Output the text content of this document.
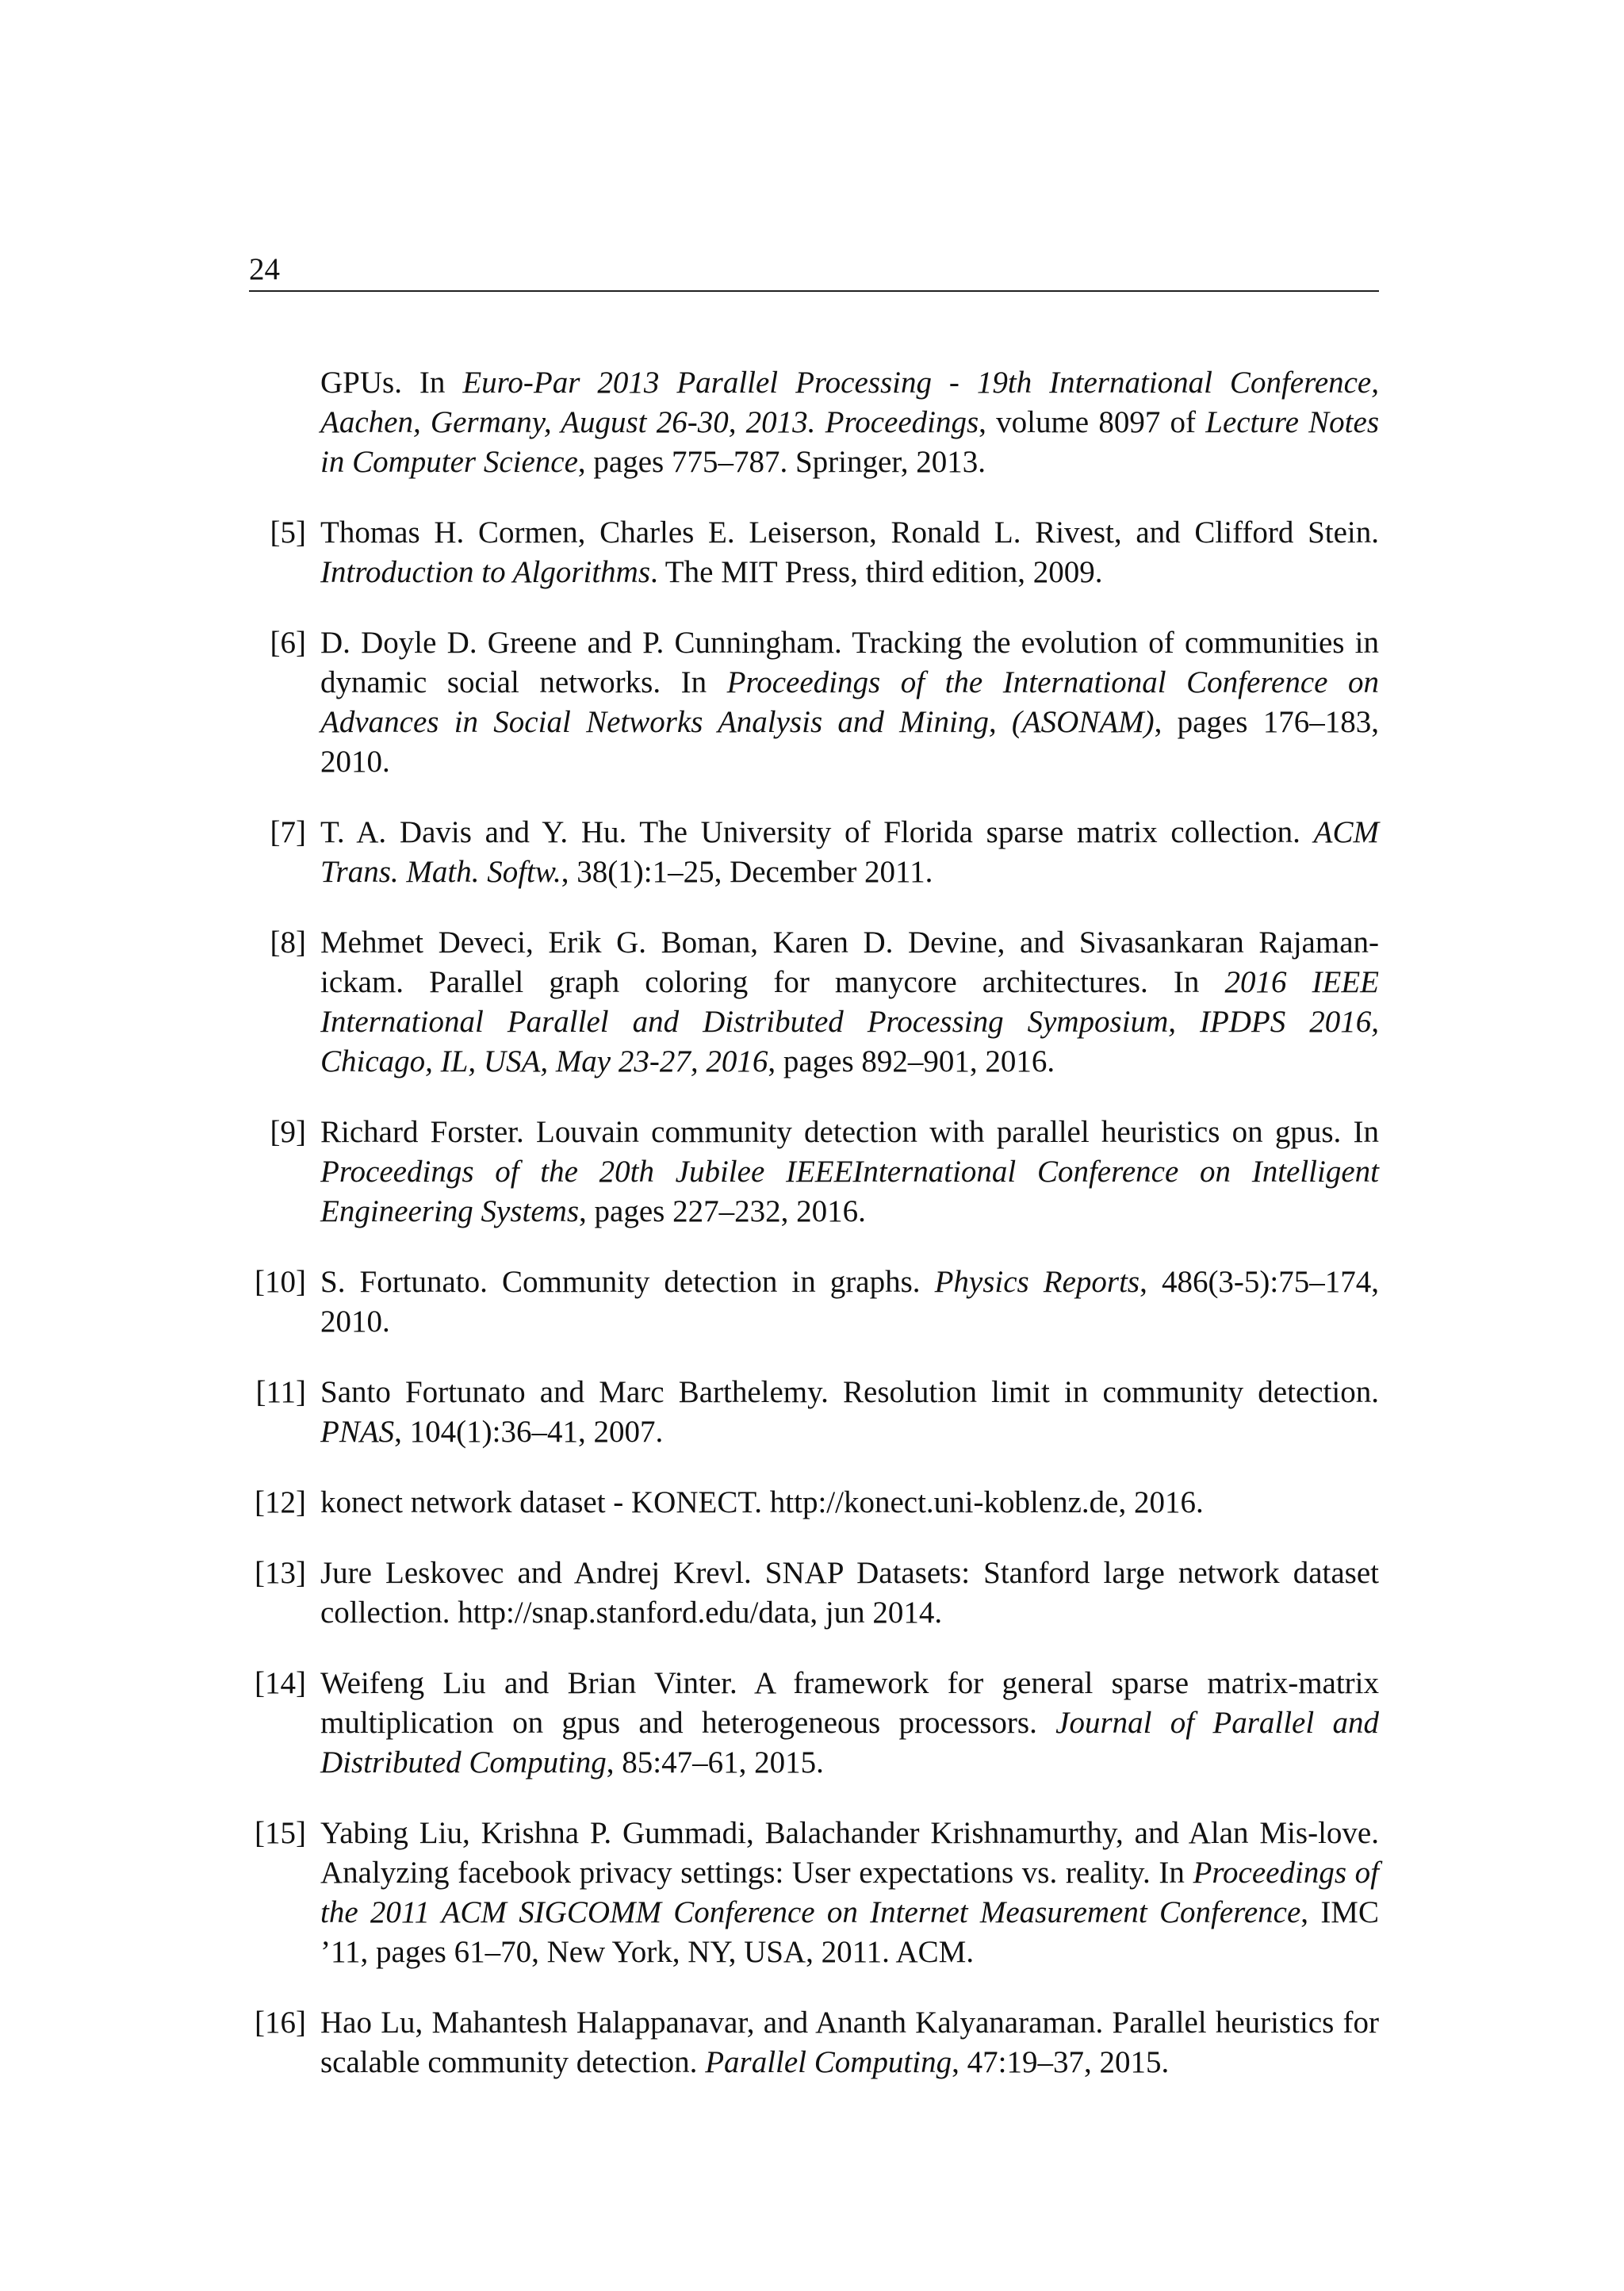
24
GPUs. In Euro-Par 2013 Parallel Processing - 19th International Conference, Aachen, Germany, August 26-30, 2013. Proceedings, volume 8097 of Lecture Notes in Computer Science, pages 775–787. Springer, 2013.
[5] Thomas H. Cormen, Charles E. Leiserson, Ronald L. Rivest, and Clifford Stein. Introduction to Algorithms. The MIT Press, third edition, 2009.
[6] D. Doyle D. Greene and P. Cunningham. Tracking the evolution of communities in dynamic social networks. In Proceedings of the International Conference on Advances in Social Networks Analysis and Mining, (ASONAM), pages 176–183, 2010.
[7] T. A. Davis and Y. Hu. The University of Florida sparse matrix collection. ACM Trans. Math. Softw., 38(1):1–25, December 2011.
[8] Mehmet Deveci, Erik G. Boman, Karen D. Devine, and Sivasankaran Rajaman-ickam. Parallel graph coloring for manycore architectures. In 2016 IEEE International Parallel and Distributed Processing Symposium, IPDPS 2016, Chicago, IL, USA, May 23-27, 2016, pages 892–901, 2016.
[9] Richard Forster. Louvain community detection with parallel heuristics on gpus. In Proceedings of the 20th Jubilee IEEEInternational Conference on Intelligent Engineering Systems, pages 227–232, 2016.
[10] S. Fortunato. Community detection in graphs. Physics Reports, 486(3-5):75–174, 2010.
[11] Santo Fortunato and Marc Barthelemy. Resolution limit in community detection. PNAS, 104(1):36–41, 2007.
[12] konect network dataset - KONECT. http://konect.uni-koblenz.de, 2016.
[13] Jure Leskovec and Andrej Krevl. SNAP Datasets: Stanford large network dataset collection. http://snap.stanford.edu/data, jun 2014.
[14] Weifeng Liu and Brian Vinter. A framework for general sparse matrix-matrix multiplication on gpus and heterogeneous processors. Journal of Parallel and Distributed Computing, 85:47–61, 2015.
[15] Yabing Liu, Krishna P. Gummadi, Balachander Krishnamurthy, and Alan Mis-love. Analyzing facebook privacy settings: User expectations vs. reality. In Proceedings of the 2011 ACM SIGCOMM Conference on Internet Measurement Conference, IMC ’11, pages 61–70, New York, NY, USA, 2011. ACM.
[16] Hao Lu, Mahantesh Halappanavar, and Ananth Kalyanaraman. Parallel heuristics for scalable community detection. Parallel Computing, 47:19–37, 2015.
